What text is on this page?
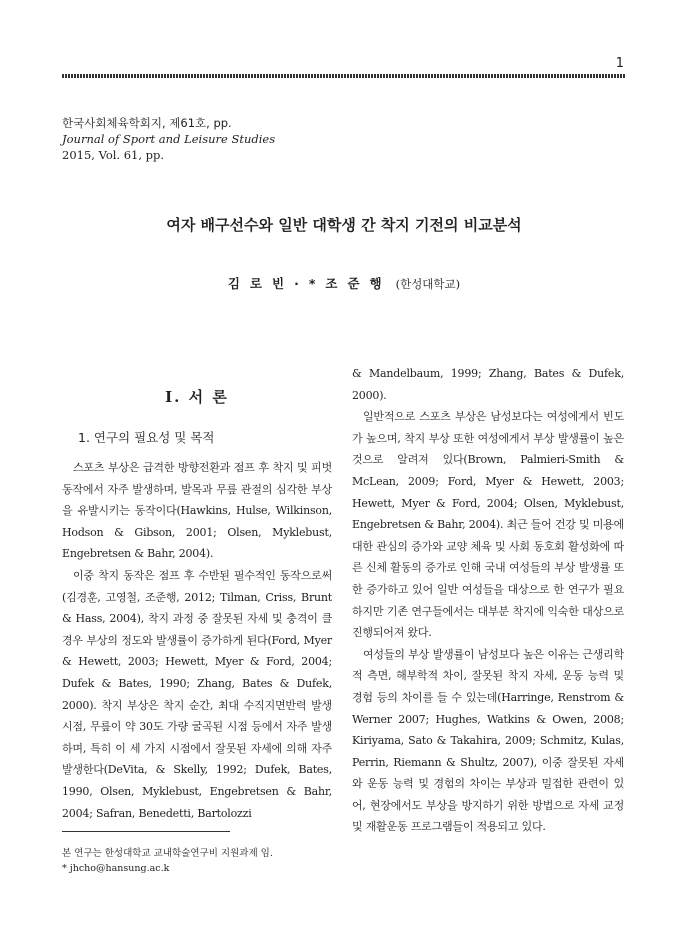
1
한국사회체육학회지, 제61호, pp.
Journal of Sport and Leisure Studies
2015, Vol. 61, pp.
여자 배구선수와 일반 대학생 간 착지 기전의 비교분석
김로빈·*조준행 (한성대학교)
Ⅰ. 서 론
1. 연구의 필요성 및 목적

스포츠 부상은 급격한 방향전환과 점프 후 착지 및 피벗 동작에서 자주 발생하며, 발목과 무릎 관절의 심각한 부상을 유발시키는 동작이다(Hawkins, Hulse, Wilkinson, Hodson & Gibson, 2001; Olsen, Myklebust, Engebretsen & Bahr, 2004).

이중 착지 동작은 점프 후 수반된 필수적인 동작으로써(김경훈, 고영철, 조준행, 2012; Tilman, Criss, Brunt & Hass, 2004), 착지 과정 중 잘못된 자세 및 충격이 클 경우 부상의 정도와 발생률이 증가하게 된다(Ford, Myer & Hewett, 2003; Hewett, Myer & Ford, 2004; Dufek & Bates, 1990; Zhang, Bates & Dufek, 2000). 착지 부상은 착지 순간, 최대 수직지면반력 발생 시점, 무릎이 약 30도 가량 굴곡된 시점 등에서 자주 발생하며, 특히 이 세 가지 시점에서 잘못된 자세에 의해 자주 발생한다(DeVita, & Skelly, 1992; Dufek, Bates, 1990, Olsen, Myklebust, Engebretsen & Bahr, 2004; Safran, Benedetti, Bartolozzi

& Mandelbaum, 1999; Zhang, Bates & Dufek, 2000).

일반적으로 스포츠 부상은 남성보다는 여성에게서 빈도가 높으며, 착지 부상 또한 여성에게서 부상 발생률이 높은 것으로 알려져 있다(Brown, Palmieri-Smith & McLean, 2009; Ford, Myer & Hewett, 2003; Hewett, Myer & Ford, 2004; Olsen, Myklebust, Engebretsen & Bahr, 2004). 최근 들어 건강 및 미용에 대한 관심의 증가와 교양 체육 및 사회 동호회 활성화에 따른 신체 활동의 증가로 인해 국내 여성들의 부상 발생률 또한 증가하고 있어 일반 여성들을 대상으로 한 연구가 필요하지만 기존 연구들에서는 대부분 착지에 익숙한 대상으로 진행되어져 왔다.

여성들의 부상 발생률이 남성보다 높은 이유는 근생리학적 측면, 해부학적 차이, 잘못된 착지 자세, 운동 능력 및 경험 등의 차이를 들 수 있는데(Harringe, Renstrom & Werner 2007; Hughes, Watkins & Owen, 2008; Kiriyama, Sato & Takahira, 2009; Schmitz, Kulas, Perrin, Riemann & Shultz, 2007), 이중 잘못된 자세와 운동 능력 및 경험의 차이는 부상과 밀접한 관련이 있어, 현장에서도 부상을 방지하기 위한 방법으로 자세 교정 및 재활운동 프로그램들이 적용되고 있다.

본 연구는 한성대학교 교내학술연구비 지원과제 임.
* jhcho@hansung.ac.k
